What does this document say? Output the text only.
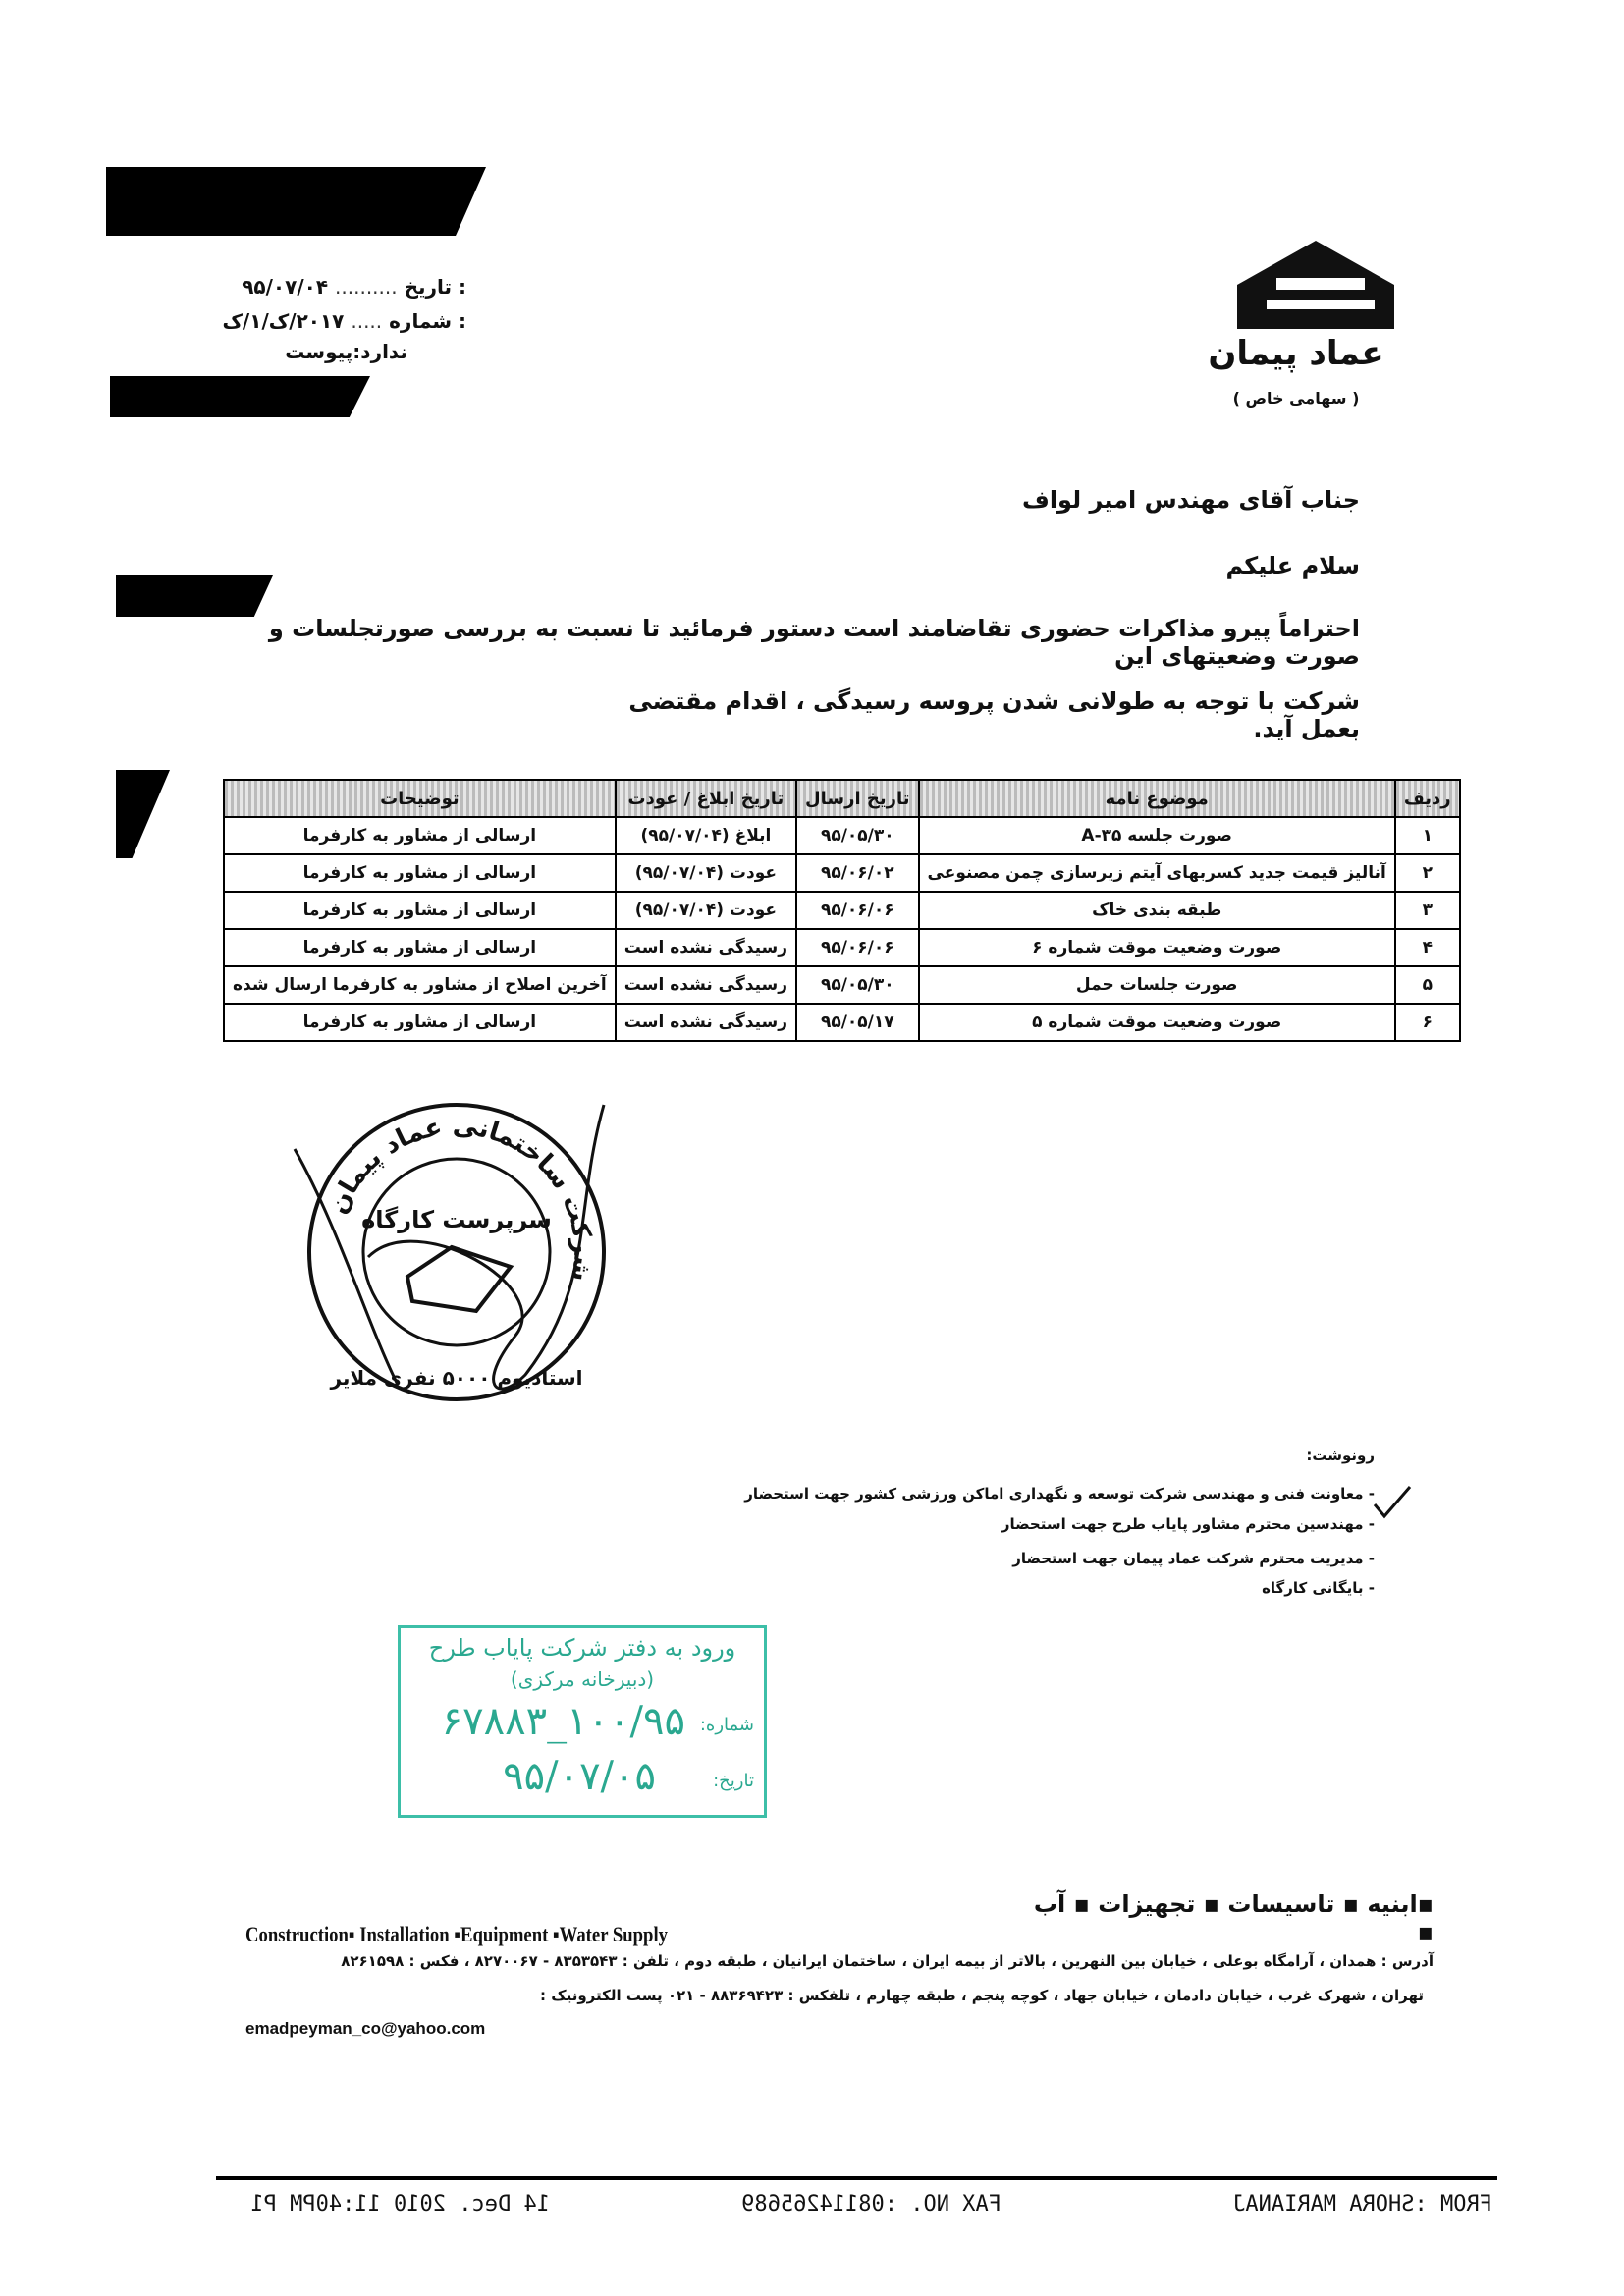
عماد پیمان
( سهامی خاص )
: تاریخ .......... ۹۵/۰۷/۰۴
: شماره ..... ۲۰۱۷/ک/۱/ک
ندارد:پیوست
جناب آقای مهندس امیر لواف
سلام علیکم
احتراماً پیرو مذاکرات حضوری تقاضامند است دستور فرمائید تا نسبت به بررسی صورتجلسات و صورت وضعیتهای این
شرکت با توجه به طولانی شدن پروسه رسیدگی ، اقدام مقتضی بعمل آید.
ردیف	موضوع نامه	تاریخ ارسال	تاریخ ابلاغ / عودت	توضیحات
۱	صورت جلسه ۳۵-A	۹۵/۰۵/۳۰	ابلاغ (۹۵/۰۷/۰۴)	ارسالی از مشاور به کارفرما
۲	آنالیز قیمت جدید کسربهای آیتم زیرسازی چمن مصنوعی	۹۵/۰۶/۰۲	عودت (۹۵/۰۷/۰۴)	ارسالی از مشاور به کارفرما
۳	طبقه بندی خاک	۹۵/۰۶/۰۶	عودت (۹۵/۰۷/۰۴)	ارسالی از مشاور به کارفرما
۴	صورت وضعیت موقت شماره ۶	۹۵/۰۶/۰۶	رسیدگی نشده است	ارسالی از مشاور به کارفرما
۵	صورت جلسات حمل	۹۵/۰۵/۳۰	رسیدگی نشده است	آخرین اصلاح از مشاور به کارفرما ارسال شده
۶	صورت وضعیت موقت شماره ۵	۹۵/۰۵/۱۷	رسیدگی نشده است	ارسالی از مشاور به کارفرما
شرکت ساختمانی عماد پیمان
سرپرست کارگاه
استادیوم ۵۰۰۰ نفری ملایر
رونوشت:
- معاونت فنی و مهندسی شرکت توسعه و نگهداری اماکن ورزشی کشور جهت استحضار
- مهندسین محترم مشاور پایاب طرح جهت استحضار
- مدیریت محترم شرکت عماد پیمان جهت استحضار
- بایگانی کارگاه
ورود به دفتر شرکت پایاب طرح
(دبیرخانه مرکزی)
شماره:
۱۰۰/۹۵_۶۷۸۸۳
تاریخ:
۹۵/۰۷/۰۵
▪ابنیه ▪ تاسیسات ▪ تجهیزات ▪ آب ▪
Construction▪ Installation ▪Equipment ▪Water Supply
آدرس : همدان ، آرامگاه بوعلی ، خیابان بین النهرین ، بالاتر از بیمه ایران ، ساختمان ایرانیان ، طبقه دوم ، تلفن : ۸۳۵۳۵۴۳ - ۸۲۷۰۰۶۷ ، فکس : ۸۲۶۱۵۹۸
تهران ، شهرک غرب ، خیابان دادمان ، خیابان جهاد ، کوچه پنجم ، طبقه چهارم ، تلفکس : ۸۸۳۶۹۴۲۳ - ۰۲۱ پست الکترونیک :
emadpeyman_co@yahoo.com
FROM :SHORA MARIANAJ
FAX NO. :08114265689
14 Dec. 2010 11:40PM P1
